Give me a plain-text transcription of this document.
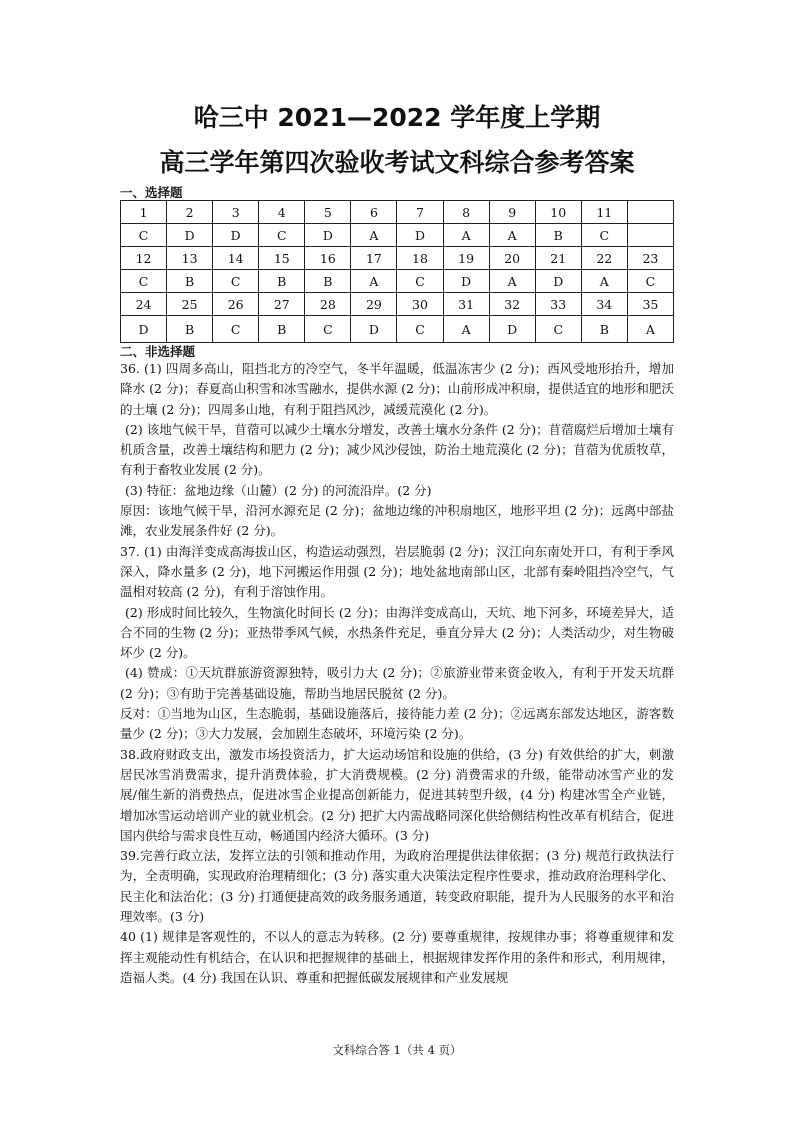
哈三中 2021—2022 学年度上学期
高三学年第四次验收考试文科综合参考答案
一、选择题
1	2	3	4	5	6	7	8	9	10	11	
C	D	D	C	D	A	D	A	A	B	C	
12	13	14	15	16	17	18	19	20	21	22	23
C	B	C	B	B	A	C	D	A	D	A	C
24	25	26	27	28	29	30	31	32	33	34	35
D	B	C	B	C	D	C	A	D	C	B	A
二、非选择题

36. (1) 四周多高山，阻挡北方的冷空气，冬半年温暖，低温冻害少 (2 分)；西风受地形抬升，增加降水 (2 分)；春夏高山积雪和冰雪融水，提供水源 (2 分)；山前形成冲积扇，提供适宜的地形和肥沃的土壤 (2 分)；四周多山地，有利于阻挡风沙，减缓荒漠化 (2 分)。

(2) 该地气候干旱，苜蓿可以减少土壤水分增发，改善土壤水分条件 (2 分)；苜蓿腐烂后增加土壤有机质含量，改善土壤结构和肥力 (2 分)；减少风沙侵蚀，防治土地荒漠化 (2 分)；苜蓿为优质牧草，有利于畜牧业发展 (2 分)。

(3) 特征：盆地边缘（山麓）(2 分) 的河流沿岸。(2 分)

原因：该地气候干旱，沿河水源充足 (2 分)；盆地边缘的冲积扇地区，地形平坦 (2 分)；远离中部盐滩，农业发展条件好 (2 分)。

37. (1) 由海洋变成高海拔山区，构造运动强烈，岩层脆弱 (2 分)；汉江向东南处开口，有利于季风深入，降水量多 (2 分)，地下河搬运作用强 (2 分)；地处盆地南部山区，北部有秦岭阻挡冷空气，气温相对较高 (2 分)，有利于溶蚀作用。

(2) 形成时间比较久，生物演化时间长 (2 分)；由海洋变成高山，天坑、地下河多，环境差异大，适合不同的生物 (2 分)；亚热带季风气候，水热条件充足，垂直分异大 (2 分)；人类活动少，对生物破坏少 (2 分)。

(4) 赞成：①天坑群旅游资源独特，吸引力大 (2 分)；②旅游业带来资金收入，有利于开发天坑群 (2 分)；③有助于完善基础设施，帮助当地居民脱贫 (2 分)。

反对：①当地为山区，生态脆弱，基础设施落后，接待能力差 (2 分)；②远离东部发达地区，游客数量少 (2 分)；③大力发展，会加剧生态破坏，环境污染 (2 分)。

38.政府财政支出，激发市场投资活力，扩大运动场馆和设施的供给，(3 分) 有效供给的扩大，刺激居民冰雪消费需求，提升消费体验，扩大消费规模。(2 分) 消费需求的升级，能带动冰雪产业的发展/催生新的消费热点，促进冰雪企业提高创新能力，促进其转型升级，(4 分) 构建冰雪全产业链，增加冰雪运动培训产业的就业机会。(2 分) 把扩大内需战略同深化供给侧结构性改革有机结合，促进国内供给与需求良性互动，畅通国内经济大循环。(3 分)

39.完善行政立法，发挥立法的引领和推动作用，为政府治理提供法律依据；(3 分) 规范行政执法行为，全责明确，实现政府治理精细化；(3 分) 落实重大决策法定程序性要求，推动政府治理科学化、民主化和法治化；(3 分) 打通便捷高效的政务服务通道，转变政府职能，提升为人民服务的水平和治理效率。(3 分)

40 (1) 规律是客观性的，不以人的意志为转移。(2 分) 要尊重规律，按规律办事；将尊重规律和发挥主观能动性有机结合，在认识和把握规律的基础上，根据规律发挥作用的条件和形式，利用规律，造福人类。(4 分) 我国在认识、尊重和把握低碳发展规律和产业发展规

文科综合答 1（共 4 页）
